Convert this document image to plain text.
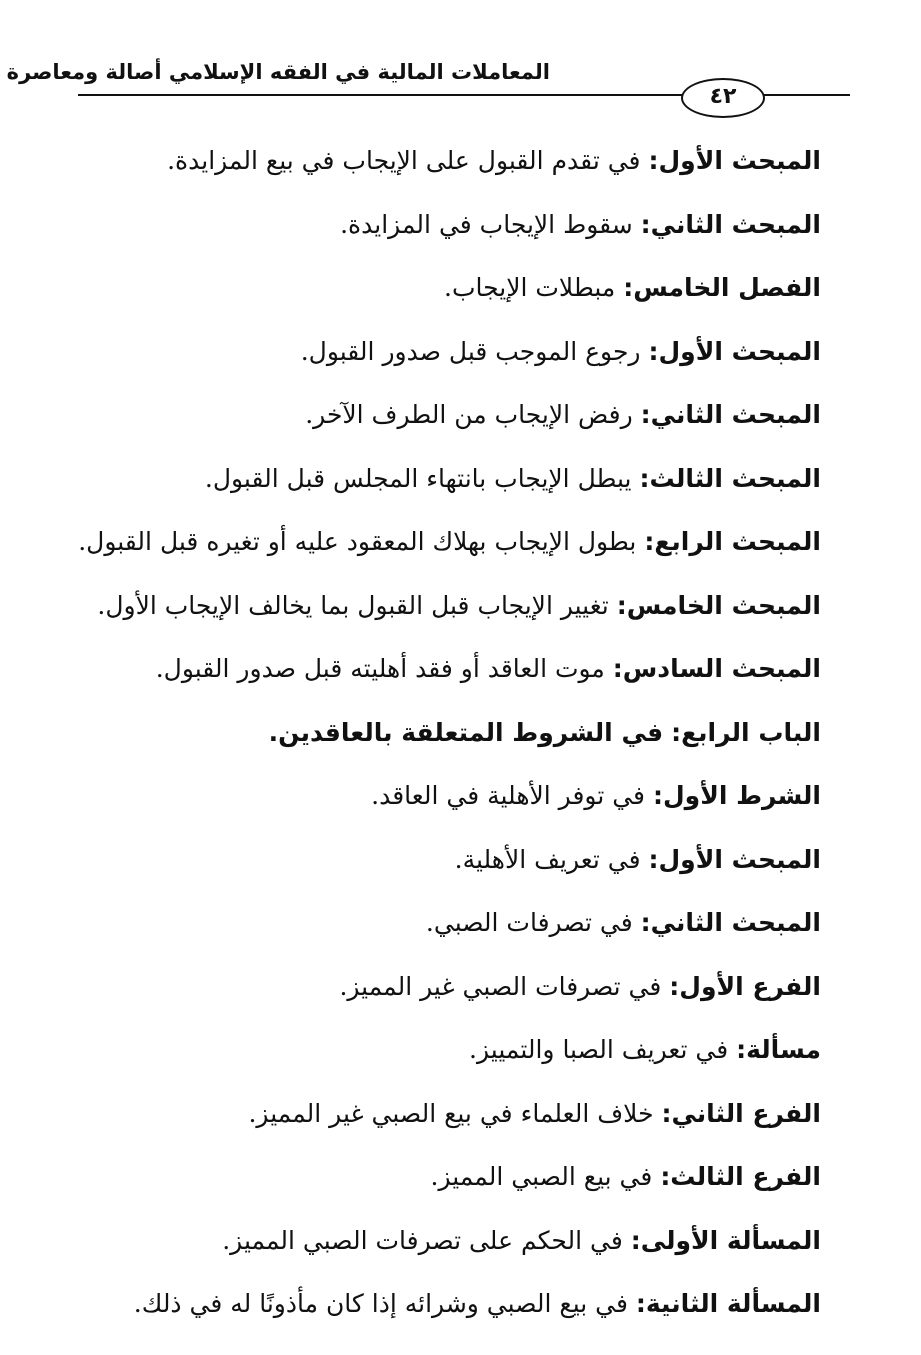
المعاملات المالية في الفقه الإسلامي أصالة ومعاصرة
٤٢
المبحث الأول: في تقدم القبول على الإيجاب في بيع المزايدة.
المبحث الثاني: سقوط الإيجاب في المزايدة.
الفصل الخامس: مبطلات الإيجاب.
المبحث الأول: رجوع الموجب قبل صدور القبول.
المبحث الثاني: رفض الإيجاب من الطرف الآخر.
المبحث الثالث: يبطل الإيجاب بانتهاء المجلس قبل القبول.
المبحث الرابع: بطول الإيجاب بهلاك المعقود عليه أو تغيره قبل القبول.
المبحث الخامس: تغيير الإيجاب قبل القبول بما يخالف الإيجاب الأول.
المبحث السادس: موت العاقد أو فقد أهليته قبل صدور القبول.
الباب الرابع: في الشروط المتعلقة بالعاقدين.
الشرط الأول: في توفر الأهلية في العاقد.
المبحث الأول: في تعريف الأهلية.
المبحث الثاني: في تصرفات الصبي.
الفرع الأول: في تصرفات الصبي غير المميز.
مسألة: في تعريف الصبا والتمييز.
الفرع الثاني: خلاف العلماء في بيع الصبي غير المميز.
الفرع الثالث: في بيع الصبي المميز.
المسألة الأولى: في الحكم على تصرفات الصبي المميز.
المسألة الثانية: في بيع الصبي وشرائه إذا كان مأذونًا له في ذلك.
